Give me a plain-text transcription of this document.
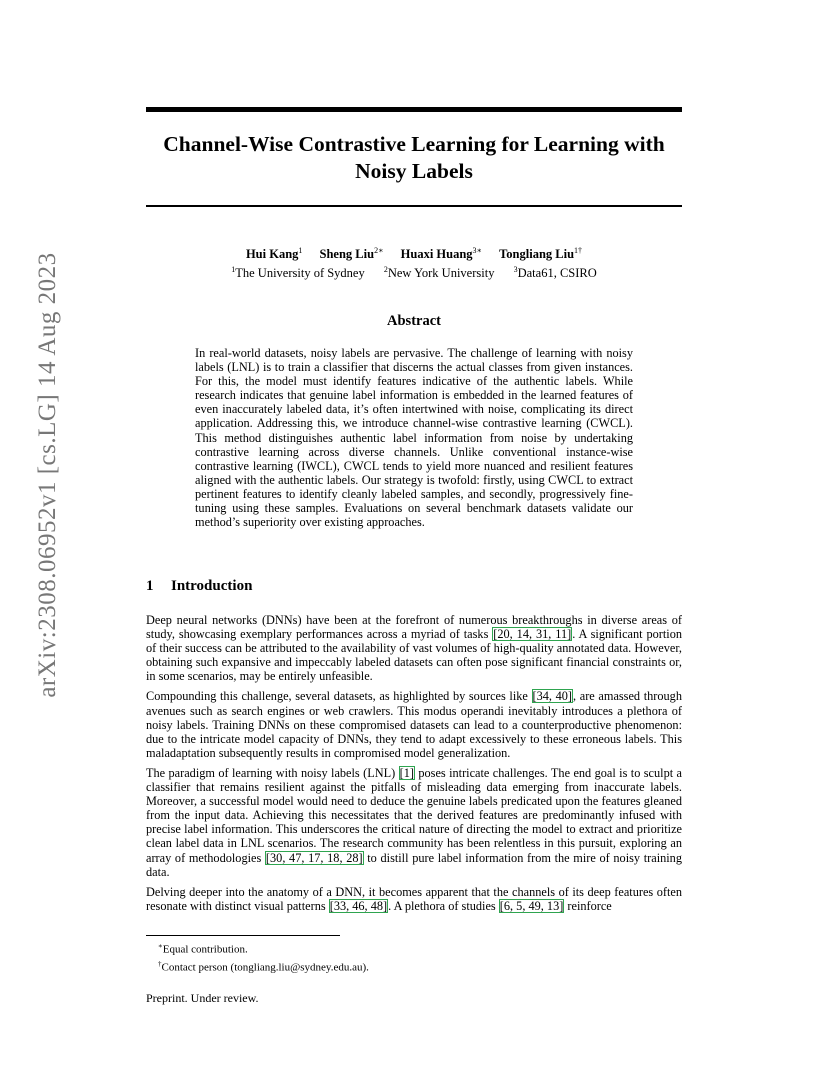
arXiv:2308.06952v1 [cs.LG] 14 Aug 2023
Channel-Wise Contrastive Learning for Learning with Noisy Labels
Hui Kang$^1$ Sheng Liu$^{2∗}$ Huaxi Huang$^{3∗}$ Tongliang Liu$^{1\dagger}$
$^1$The University of Sydney $^2$New York University $^3$Data61, CSIRO
Abstract
In real-world datasets, noisy labels are pervasive. The challenge of learning with noisy labels (LNL) is to train a classifier that discerns the actual classes from given instances. For this, the model must identify features indicative of the authentic labels. While research indicates that genuine label information is embedded in the learned features of even inaccurately labeled data, it’s often intertwined with noise, complicating its direct application. Addressing this, we introduce channel-wise contrastive learning (CWCL). This method distinguishes authentic label information from noise by undertaking contrastive learning across diverse channels. Unlike conventional instance-wise contrastive learning (IWCL), CWCL tends to yield more nuanced and resilient features aligned with the authentic labels. Our strategy is twofold: firstly, using CWCL to extract pertinent features to identify cleanly labeled samples, and secondly, progressively fine-tuning using these samples. Evaluations on several benchmark datasets validate our method’s superiority over existing approaches.
1 Introduction

Deep neural networks (DNNs) have been at the forefront of numerous breakthroughs in diverse areas of study, showcasing exemplary performances across a myriad of tasks [20, 14, 31, 11]. A significant portion of their success can be attributed to the availability of vast volumes of high-quality annotated data. However, obtaining such expansive and impeccably labeled datasets can often pose significant financial constraints or, in some scenarios, may be entirely unfeasible.

Compounding this challenge, several datasets, as highlighted by sources like [34, 40], are amassed through avenues such as search engines or web crawlers. This modus operandi inevitably introduces a plethora of noisy labels. Training DNNs on these compromised datasets can lead to a counterproductive phenomenon: due to the intricate model capacity of DNNs, they tend to adapt excessively to these erroneous labels. This maladaptation subsequently results in compromised model generalization.

The paradigm of learning with noisy labels (LNL) [1] poses intricate challenges. The end goal is to sculpt a classifier that remains resilient against the pitfalls of misleading data emerging from inaccurate labels. Moreover, a successful model would need to deduce the genuine labels predicated upon the features gleaned from the input data. Achieving this necessitates that the derived features are predominantly infused with precise label information. This underscores the critical nature of directing the model to extract and prioritize clean label data in LNL scenarios. The research community has been relentless in this pursuit, exploring an array of methodologies [30, 47, 17, 18, 28] to distill pure label information from the mire of noisy training data.

Delving deeper into the anatomy of a DNN, it becomes apparent that the channels of its deep features often resonate with distinct visual patterns [33, 46, 48]. A plethora of studies [6, 5, 49, 13] reinforce

∗Equal contribution.
†Contact person (tongliang.liu@sydney.edu.au).
Preprint. Under review.
